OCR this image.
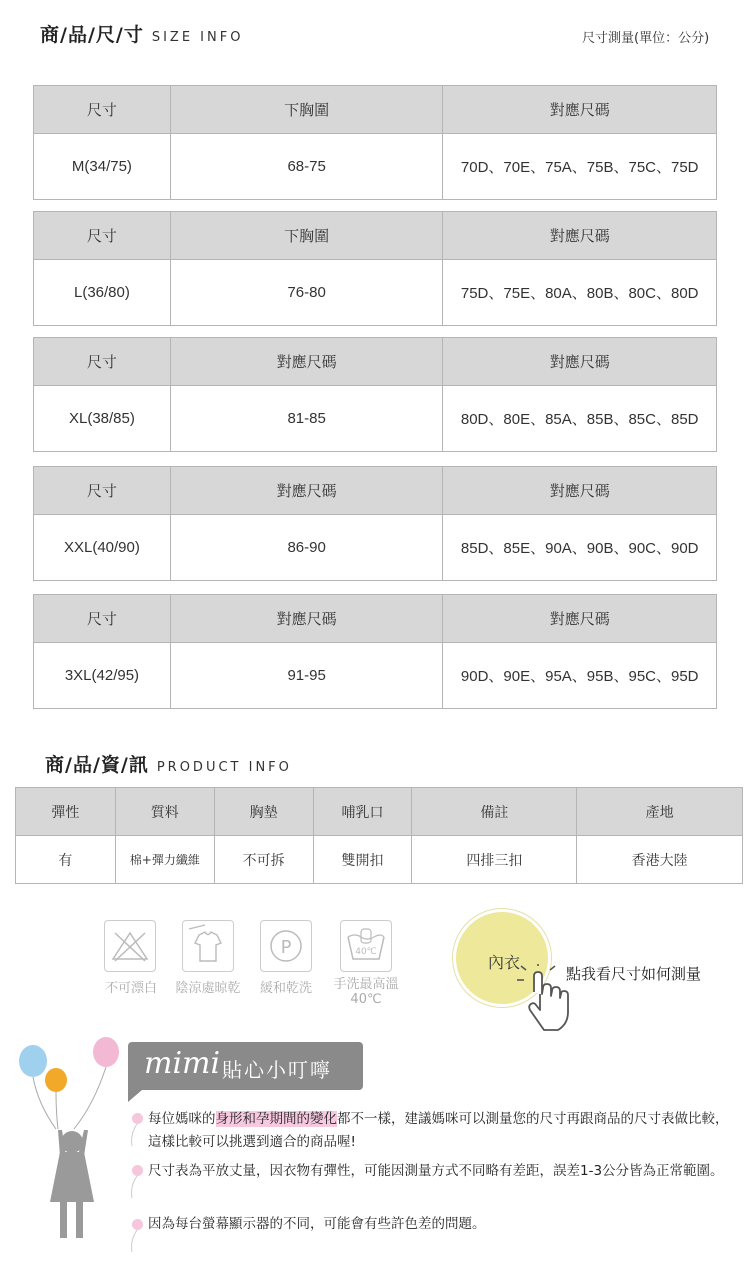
商/品/尺/寸 SIZE INFO	尺寸測量(單位：公分)
尺寸	下胸圍	對應尺碼
M(34/75)	68-75	70D、70E、75A、75B、75C、75D
尺寸	下胸圍	對應尺碼
L(36/80)	76-80	75D、75E、80A、80B、80C、80D
尺寸	對應尺碼	對應尺碼
XL(38/85)	81-85	80D、80E、85A、85B、85C、85D
尺寸	對應尺碼	對應尺碼
XXL(40/90)	86-90	85D、85E、90A、90B、90C、90D
尺寸	對應尺碼	對應尺碼
3XL(42/95)	91-95	90D、90E、95A、95B、95C、95D
商/品/資/訊 PRODUCT INFO
彈性	質料	胸墊	哺乳口	備註	產地
有	棉+彈力纖維	不可拆	雙開扣	四排三扣	香港大陸
P	40℃
不可漂白	陰涼處晾乾	緩和乾洗	手洗最高溫
40℃
內衣
點我看尺寸如何測量
mimi 貼心小叮嚀
每位媽咪的身形和孕期間的變化都不一樣，建議媽咪可以測量您的尺寸再跟商品的尺寸表做比較，這樣比較可以挑選到適合的商品喔!
尺寸表為平放丈量，因衣物有彈性，可能因測量方式不同略有差距，誤差1-3公分皆為正常範圍。
因為每台螢幕顯示器的不同，可能會有些許色差的問題。
